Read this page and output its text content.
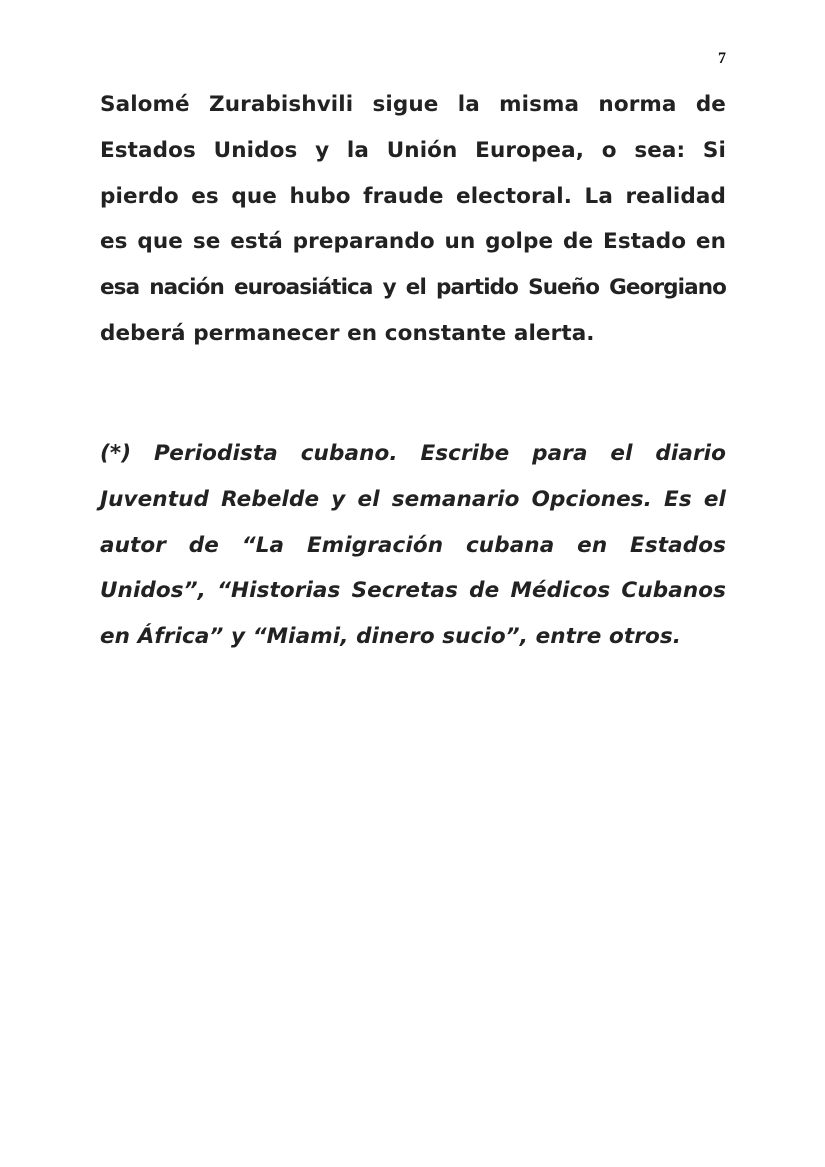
7
Salomé Zurabishvili sigue la misma norma de
Estados Unidos y la Unión Europea, o sea: Si
pierdo es que hubo fraude electoral. La realidad
es que se está preparando un golpe de Estado en
esa nación euroasiática y el partido Sueño Georgiano
deberá permanecer en constante alerta.
(*) Periodista cubano. Escribe para el diario
Juventud Rebelde y el semanario Opciones. Es el
autor de “La Emigración cubana en Estados
Unidos”, “Historias Secretas de Médicos Cubanos
en África” y “Miami, dinero sucio”, entre otros.
